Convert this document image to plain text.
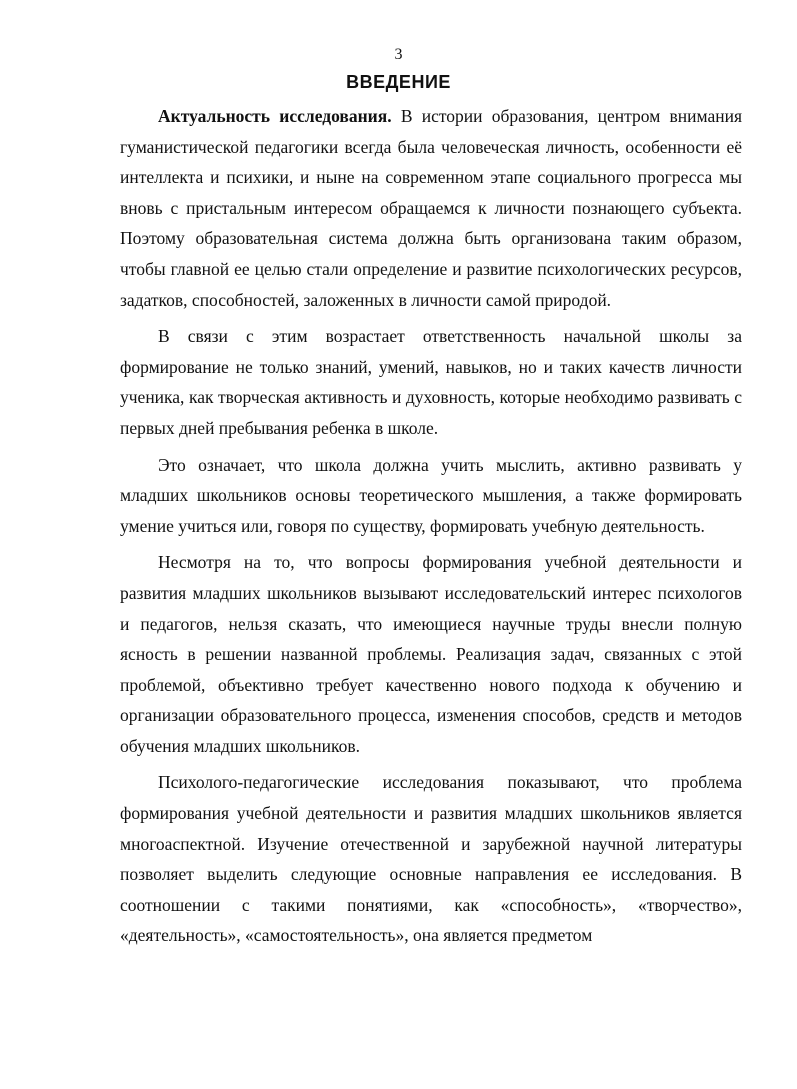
3
ВВЕДЕНИЕ

Актуальность исследования. В истории образования, центром внимания гуманистической педагогики всегда была человеческая личность, особенности её интеллекта и психики, и ныне на современном этапе социального прогресса мы вновь с пристальным интересом обращаемся к личности познающего субъекта. Поэтому образовательная система должна быть организована таким образом, чтобы главной ее целью стали определение и развитие психологических ресурсов, задатков, способностей, заложенных в личности самой природой.

В связи с этим возрастает ответственность начальной школы за формирование не только знаний, умений, навыков, но и таких качеств личности ученика, как творческая активность и духовность, которые необходимо развивать с первых дней пребывания ребенка в школе.

Это означает, что школа должна учить мыслить, активно развивать у младших школьников основы теоретического мышления, а также формировать умение учиться или, говоря по существу, формировать учебную деятельность.

Несмотря на то, что вопросы формирования учебной деятельности и развития младших школьников вызывают исследовательский интерес психологов и педагогов, нельзя сказать, что имеющиеся научные труды внесли полную ясность в решении названной проблемы. Реализация задач, связанных с этой проблемой, объективно требует качественно нового подхода к обучению и организации образовательного процесса, изменения способов, средств и методов обучения младших школьников.

Психолого-педагогические исследования показывают, что проблема формирования учебной деятельности и развития младших школьников является многоаспектной. Изучение отечественной и зарубежной научной литературы позволяет выделить следующие основные направления ее исследования. В соотношении с такими понятиями, как «способность», «творчество», «деятельность», «самостоятельность», она является предметом
